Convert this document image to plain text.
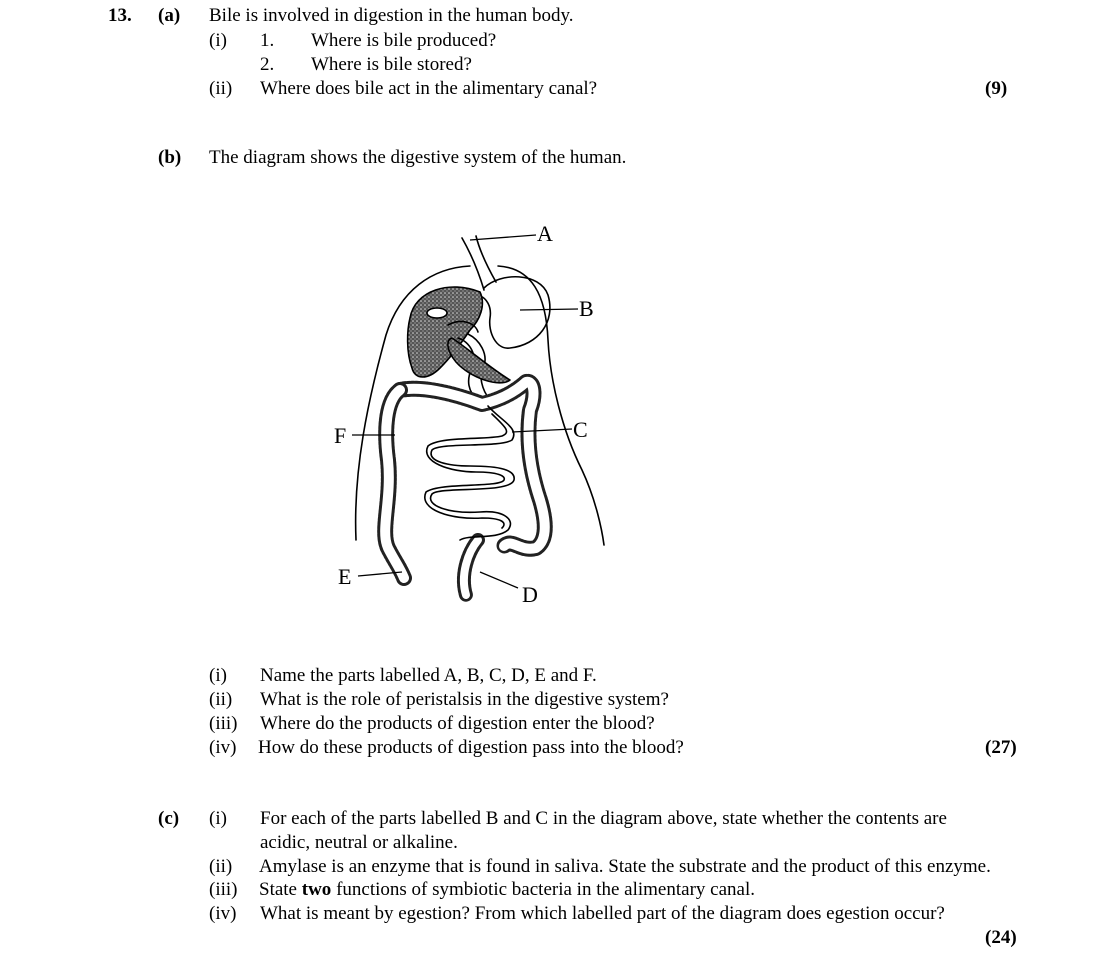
13. (a) Bile is involved in digestion in the human body.
(i) 1. Where is bile produced?
2. Where is bile stored?
(ii) Where does bile act in the alimentary canal?	(9)
(b) The diagram shows the digestive system of the human.
A
B
C
D
E
F
(i) Name the parts labelled A, B, C, D, E and F.
(ii) What is the role of peristalsis in the digestive system?
(iii) Where do the products of digestion enter the blood?
(iv) How do these products of digestion pass into the blood?	(27)
(c) (i) For each of the parts labelled B and C in the diagram above, state whether the contents are
acidic, neutral or alkaline.
(ii) Amylase is an enzyme that is found in saliva. State the substrate and the product of this enzyme.
(iii) State two functions of symbiotic bacteria in the alimentary canal.
(iv) What is meant by egestion? From which labelled part of the diagram does egestion occur?
(24)
